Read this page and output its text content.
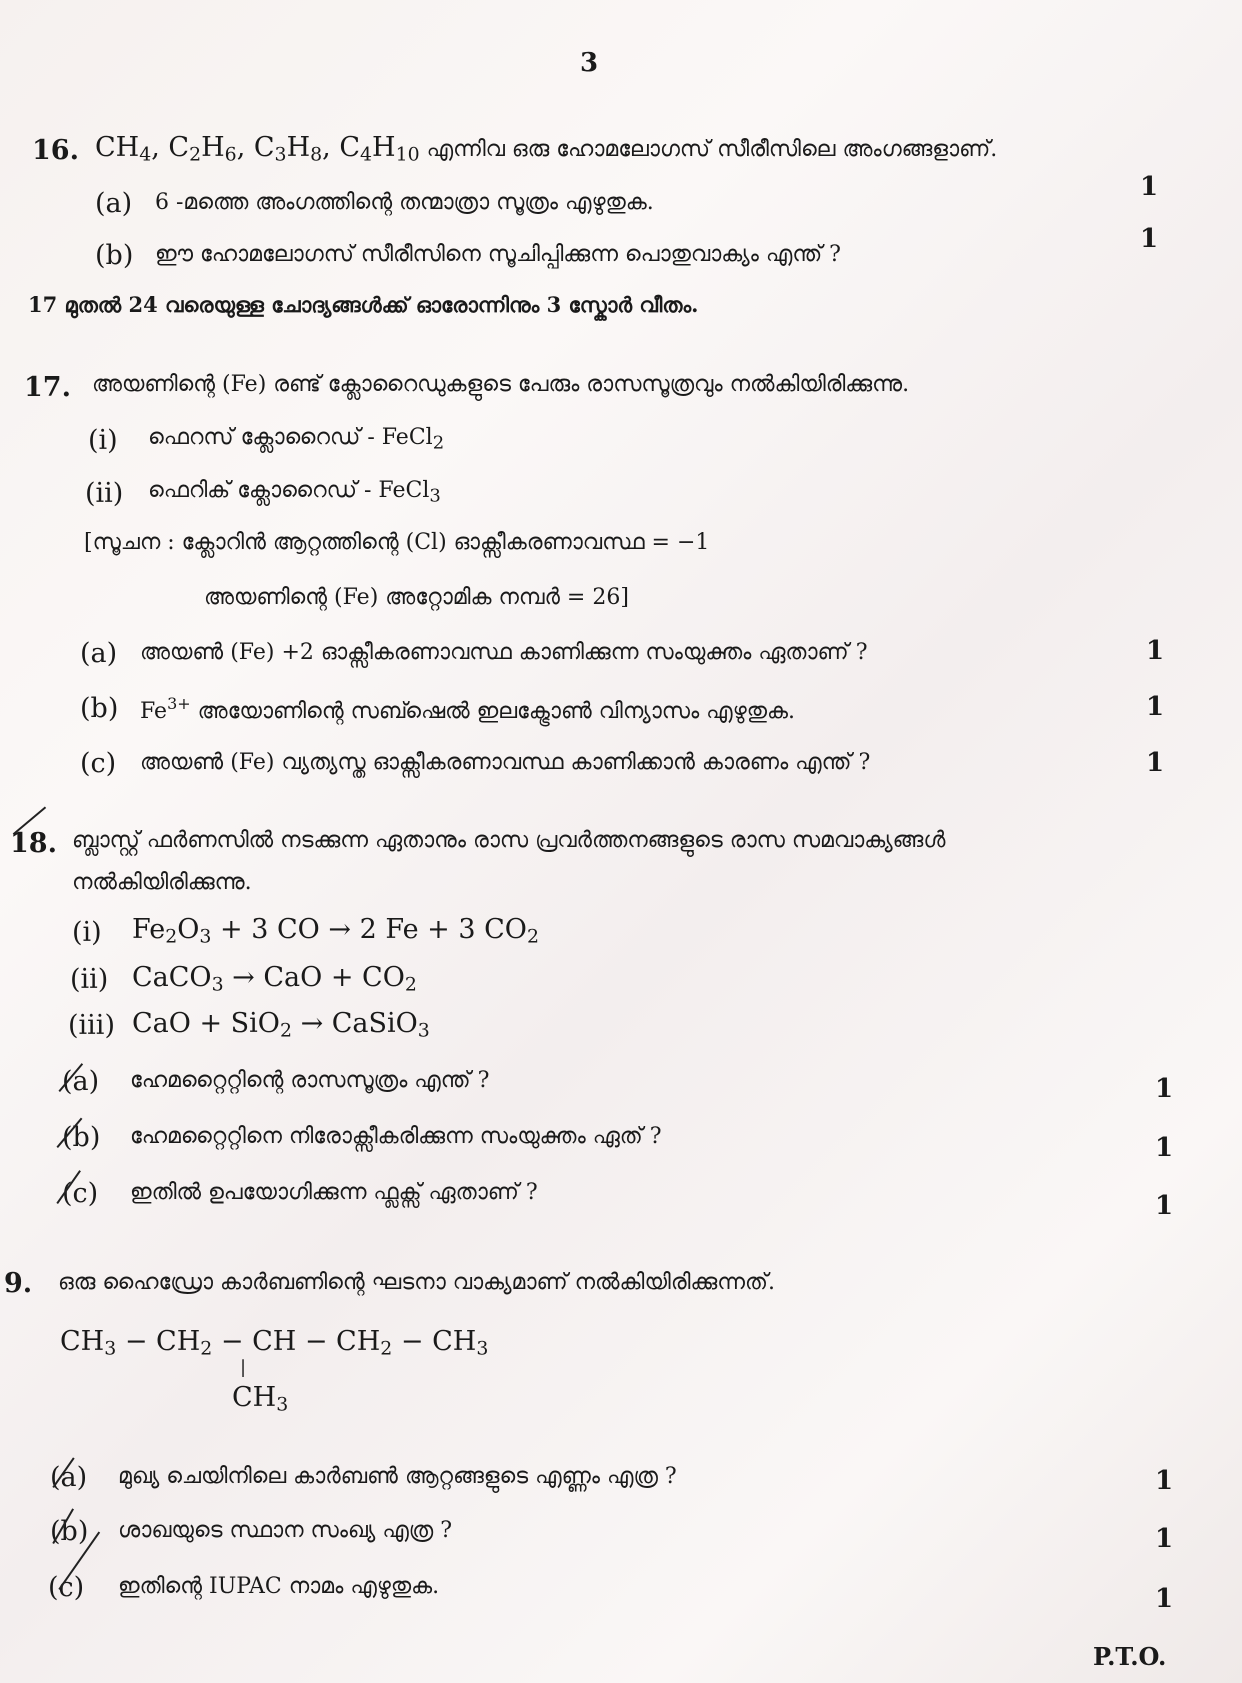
3
16. $CH_4$, $C_2H_6$, $C_3H_8$, $C_4H_{10}$ എന്നിവ ഒരു ഹോമലോഗസ് സീരീസിലെ അംഗങ്ങളാണ്.
(a) 6 -മത്തെ അംഗത്തിന്റെ തന്മാത്രാ സൂത്രം എഴുതുക.
1
(b) ഈ ഹോമലോഗസ് സീരീസിനെ സൂചിപ്പിക്കുന്ന പൊതുവാക്യം എന്ത് ?
1
17 മുതൽ 24 വരെയുള്ള ചോദ്യങ്ങൾക്ക് ഓരോന്നിനും 3 സ്കോർ വീതം.
17. അയണിന്റെ (Fe) രണ്ട് ക്ലോറൈഡുകളുടെ പേരും രാസസൂത്രവും നൽകിയിരിക്കുന്നു.
(i) ഫെറസ് ക്ലോറൈഡ് - FeCl$_2$
(ii) ഫെറിക് ക്ലോറൈഡ് - FeCl$_3$
[സൂചന : ക്ലോറിൻ ആറ്റത്തിന്റെ (Cl) ഓക്സീകരണാവസ്ഥ = −1
അയണിന്റെ (Fe) അറ്റോമിക നമ്പർ = 26]
(a) അയൺ (Fe) +2 ഓക്സീകരണാവസ്ഥ കാണിക്കുന്ന സംയുക്തം ഏതാണ് ?	1
(b) $Fe^{3+}$ അയോണിന്റെ സബ്ഷെൽ ഇലക്ട്രോൺ വിന്യാസം എഴുതുക.	1
(c) അയൺ (Fe) വ്യത്യസ്ത ഓക്സീകരണാവസ്ഥ കാണിക്കാൻ കാരണം എന്ത് ?	1
18. ബ്ലാസ്റ്റ് ഫർണസിൽ നടക്കുന്ന ഏതാനും രാസ പ്രവർത്തനങ്ങളുടെ രാസ സമവാക്യങ്ങൾ
നൽകിയിരിക്കുന്നു.
(i) $Fe_2O_3 + 3$ CO → 2 Fe + 3 $CO_2$
(ii) CaCO$_3$ → CaO + $CO_2$
(iii) CaO + SiO$_2$ → CaSiO$_3$
(a) ഹേമറ്റൈറ്റിന്റെ രാസസൂത്രം എന്ത് ?	1
(b) ഹേമറ്റൈറ്റിനെ നിരോക്സീകരിക്കുന്ന സംയുക്തം ഏത് ?	1
(c) ഇതിൽ ഉപയോഗിക്കുന്ന ഫ്ലക്സ് ഏതാണ് ?	1
9. ഒരു ഹൈഡ്രോ കാർബണിന്റെ ഘടനാ വാക്യമാണ് നൽകിയിരിക്കുന്നത്.
$CH_3 - CH_2$ − CH − $CH_2 - CH_3$
|
$CH_3$
(a) മുഖ്യ ചെയിനിലെ കാർബൺ ആറ്റങ്ങളുടെ എണ്ണം എത്ര ?	1
(b) ശാഖയുടെ സ്ഥാന സംഖ്യ എത്ര ?	1
(c) ഇതിന്റെ IUPAC നാമം എഴുതുക.	1
P.T.O.
